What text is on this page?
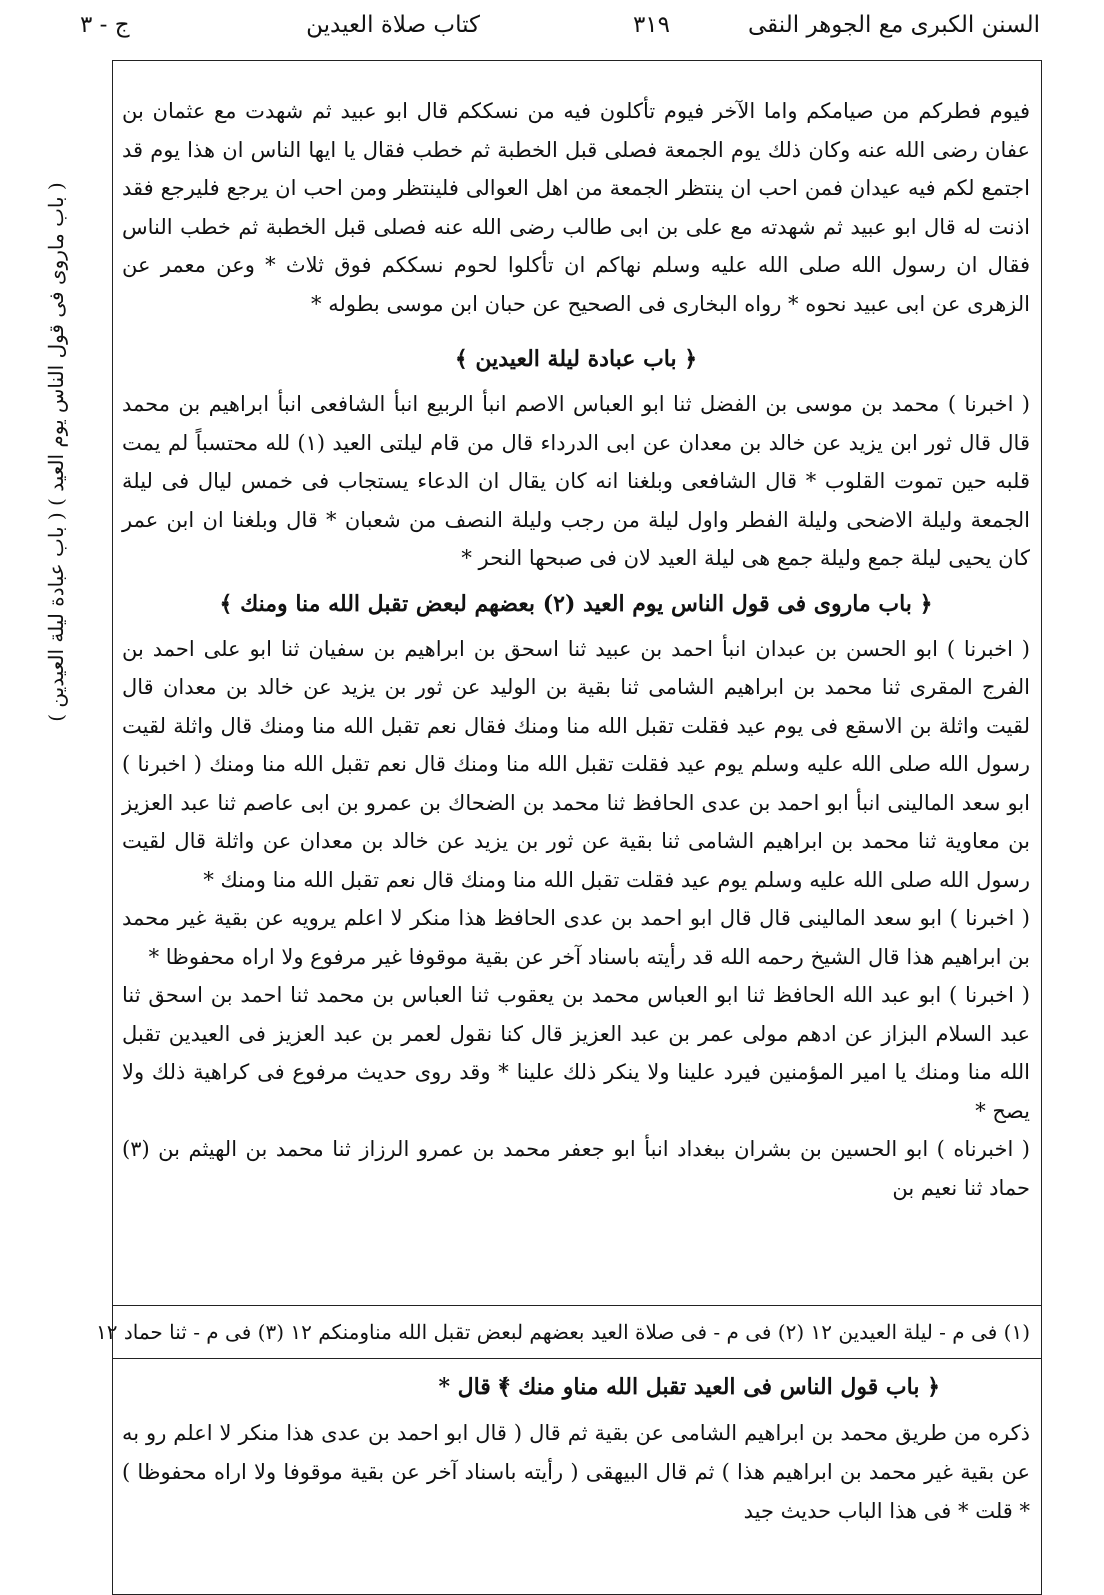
السنن الكبرى مع الجوهر النقى
٣١٩
كتاب صلاة العيدين
ج - ٣
( باب ماروى فى قول الناس يوم العيد ) ( باب عبادة ليلة العيدين )

فيوم فطركم من صيامكم واما الآخر فيوم تأكلون فيه من نسككم قال ابو عبيد ثم شهدت مع عثمان بن عفان رضى الله عنه وكان ذلك يوم الجمعة فصلى قبل الخطبة ثم خطب فقال يا ايها الناس ان هذا يوم قد اجتمع لكم فيه عيدان فمن احب ان ينتظر الجمعة من اهل العوالى فلينتظر ومن احب ان يرجع فليرجع فقد اذنت له قال ابو عبيد ثم شهدته مع على بن ابى طالب رضى الله عنه فصلى قبل الخطبة ثم خطب الناس فقال ان رسول الله صلى الله عليه وسلم نهاكم ان تأكلوا لحوم نسككم فوق ثلاث * وعن معمر عن الزهرى عن ابى عبيد نحوه * رواه البخارى فى الصحيح عن حبان ابن موسى بطوله *

﴿ باب عبادة ليلة العيدين ﴾

( اخبرنا ) محمد بن موسى بن الفضل ثنا ابو العباس الاصم انبأ الربيع انبأ الشافعى انبأ ابراهيم بن محمد قال قال ثور ابن يزيد عن خالد بن معدان عن ابى الدرداء قال من قام ليلتى العيد (١) لله محتسباً لم يمت قلبه حين تموت القلوب * قال الشافعى وبلغنا انه كان يقال ان الدعاء يستجاب فى خمس ليال فى ليلة الجمعة وليلة الاضحى وليلة الفطر واول ليلة من رجب وليلة النصف من شعبان * قال وبلغنا ان ابن عمر كان يحيى ليلة جمع وليلة جمع هى ليلة العيد لان فى صبحها النحر *

﴿ باب ماروى فى قول الناس يوم العيد (٢) بعضهم لبعض تقبل الله منا ومنك ﴾

( اخبرنا ) ابو الحسن بن عبدان انبأ احمد بن عبيد ثنا اسحق بن ابراهيم بن سفيان ثنا ابو على احمد بن الفرج المقرى ثنا محمد بن ابراهيم الشامى ثنا بقية بن الوليد عن ثور بن يزيد عن خالد بن معدان قال لقيت واثلة بن الاسقع فى يوم عيد فقلت تقبل الله منا ومنك فقال نعم تقبل الله منا ومنك قال واثلة لقيت رسول الله صلى الله عليه وسلم يوم عيد فقلت تقبل الله منا ومنك قال نعم تقبل الله منا ومنك ( اخبرنا ) ابو سعد المالينى انبأ ابو احمد بن عدى الحافظ ثنا محمد بن الضحاك بن عمرو بن ابى عاصم ثنا عبد العزيز بن معاوية ثنا محمد بن ابراهيم الشامى ثنا بقية عن ثور بن يزيد عن خالد بن معدان عن واثلة قال لقيت رسول الله صلى الله عليه وسلم يوم عيد فقلت تقبل الله منا ومنك قال نعم تقبل الله منا ومنك *

( اخبرنا ) ابو سعد المالينى قال قال ابو احمد بن عدى الحافظ هذا منكر لا اعلم يرويه عن بقية غير محمد بن ابراهيم هذا قال الشيخ رحمه الله قد رأيته باسناد آخر عن بقية موقوفا غير مرفوع ولا اراه محفوظا *

( اخبرنا ) ابو عبد الله الحافظ ثنا ابو العباس محمد بن يعقوب ثنا العباس بن محمد ثنا احمد بن اسحق ثنا عبد السلام البزاز عن ادهم مولى عمر بن عبد العزيز قال كنا نقول لعمر بن عبد العزيز فى العيدين تقبل الله منا ومنك يا امير المؤمنين فيرد علينا ولا ينكر ذلك علينا * وقد روى حديث مرفوع فى كراهية ذلك ولا يصح *

( اخبرناه ) ابو الحسين بن بشران ببغداد انبأ ابو جعفر محمد بن عمرو الرزاز ثنا محمد بن الهيثم بن (٣) حماد ثنا نعيم بن

(١) فى م - ليلة العيدين ١٢ (٢) فى م - فى صلاة العيد بعضهم لبعض تقبل الله مناومنكم ١٢ (٣) فى م - ثنا حماد ١٢
﴿ باب قول الناس فى العيد تقبل الله مناو منك ﴾
* قال *

ذكره من طريق محمد بن ابراهيم الشامى عن بقية ثم قال ( قال ابو احمد بن عدى هذا منكر لا اعلم رو به عن بقية غير محمد بن ابراهيم هذا ) ثم قال البيهقى ( رأيته باسناد آخر عن بقية موقوفا ولا اراه محفوظا ) * قلت * فى هذا الباب حديث جيد
